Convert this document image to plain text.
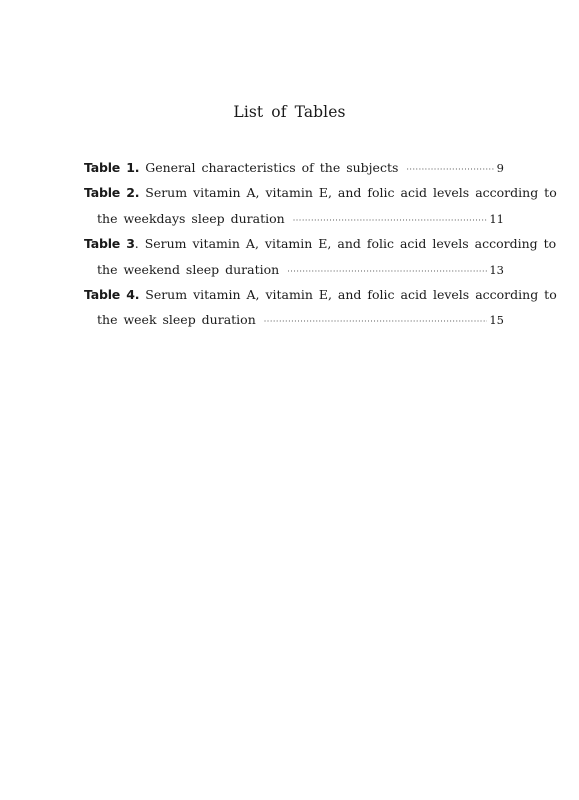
List of Tables
Table 1. General characteristics of the subjects ·····	9
Table 2. Serum vitamin A, vitamin E, and folic acid levels according to
the weekdays sleep duration ·····	11
Table 3. Serum vitamin A, vitamin E, and folic acid levels according to
the weekend sleep duration ·····	13
Table 4. Serum vitamin A, vitamin E, and folic acid levels according to
the week sleep duration ·····	15
